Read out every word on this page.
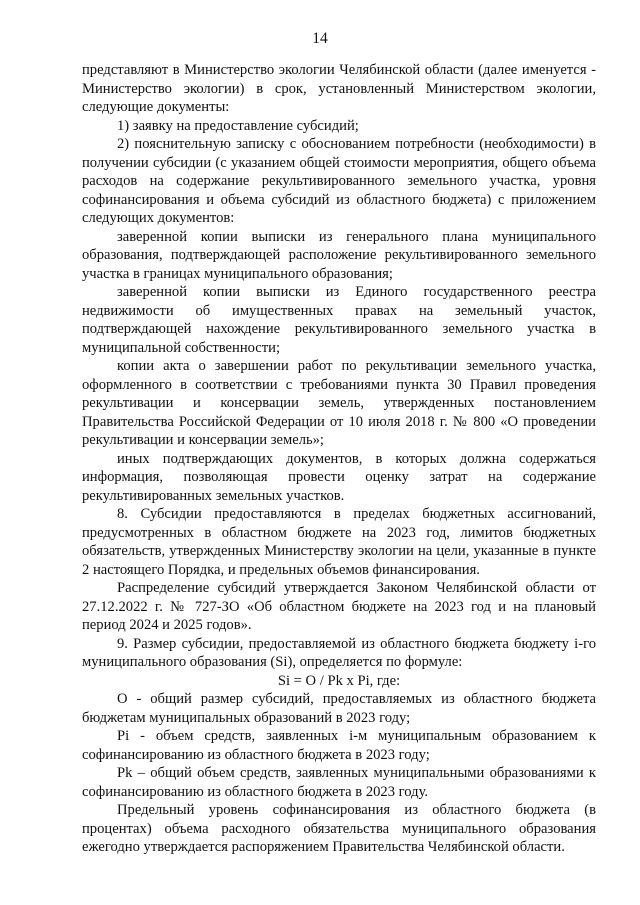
14

представляют в Министерство экологии Челябинской области (далее именуется - Министерство экологии) в срок, установленный Министерством экологии, следующие документы:

1) заявку на предоставление субсидий;

2) пояснительную записку с обоснованием потребности (необходимости) в получении субсидии (с указанием общей стоимости мероприятия, общего объема расходов на содержание рекультивированного земельного участка, уровня софинансирования и объема субсидий из областного бюджета) с приложением следующих документов:

заверенной копии выписки из генерального плана муниципального образования, подтверждающей расположение рекультивированного земельного участка в границах муниципального образования;

заверенной копии выписки из Единого государственного реестра недвижимости об имущественных правах на земельный участок, подтверждающей нахождение рекультивированного земельного участка в муниципальной собственности;

копии акта о завершении работ по рекультивации земельного участка, оформленного в соответствии с требованиями пункта 30 Правил проведения рекультивации и консервации земель, утвержденных постановлением Правительства Российской Федерации от 10 июля 2018 г. № 800 «О проведении рекультивации и консервации земель»;

иных подтверждающих документов, в которых должна содержаться информация, позволяющая провести оценку затрат на содержание рекультивированных земельных участков.

8. Субсидии предоставляются в пределах бюджетных ассигнований, предусмотренных в областном бюджете на 2023 год, лимитов бюджетных обязательств, утвержденных Министерству экологии на цели, указанные в пункте 2 настоящего Порядка, и предельных объемов финансирования.

Распределение субсидий утверждается Законом Челябинской области от 27.12.2022 г. № 727-ЗО «Об областном бюджете на 2023 год и на плановый период 2024 и 2025 годов».

9. Размер субсидии, предоставляемой из областного бюджета бюджету i-го муниципального образования (Si), определяется по формуле:

Si = O / Pk x Pi, где:

O - общий размер субсидий, предоставляемых из областного бюджета бюджетам муниципальных образований в 2023 году;

Pi - объем средств, заявленных i-м муниципальным образованием к софинансированию из областного бюджета в 2023 году;

Pk – общий объем средств, заявленных муниципальными образованиями к софинансированию из областного бюджета в 2023 году.

Предельный уровень софинансирования из областного бюджета (в процентах) объема расходного обязательства муниципального образования ежегодно утверждается распоряжением Правительства Челябинской области.
